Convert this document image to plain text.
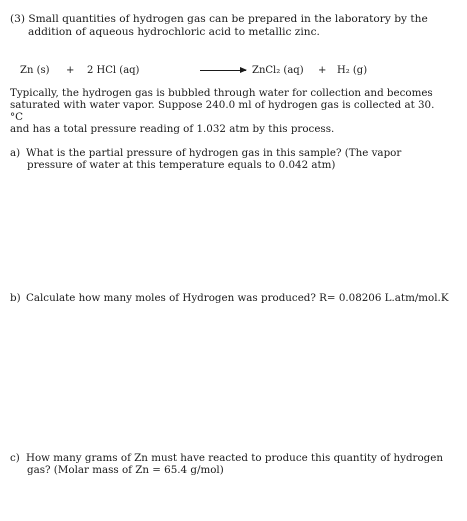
(3) Small quantities of hydrogen gas can be prepared in the laboratory by the
addition of aqueous hydrochloric acid to metallic zinc.
Zn (s) + 2 HCl (aq)	ZnCl₂ (aq) + H₂ (g)
Typically, the hydrogen gas is bubbled through water for collection and becomes
saturated with water vapor. Suppose 240.0 ml of hydrogen gas is collected at 30. °C
and has a total pressure reading of 1.032 atm by this process.
a) What is the partial pressure of hydrogen gas in this sample? (The vapor
pressure of water at this temperature equals to 0.042 atm)
b) Calculate how many moles of Hydrogen was produced? R= 0.08206 L.atm/mol.K
c) How many grams of Zn must have reacted to produce this quantity of hydrogen
gas? (Molar mass of Zn = 65.4 g/mol)
